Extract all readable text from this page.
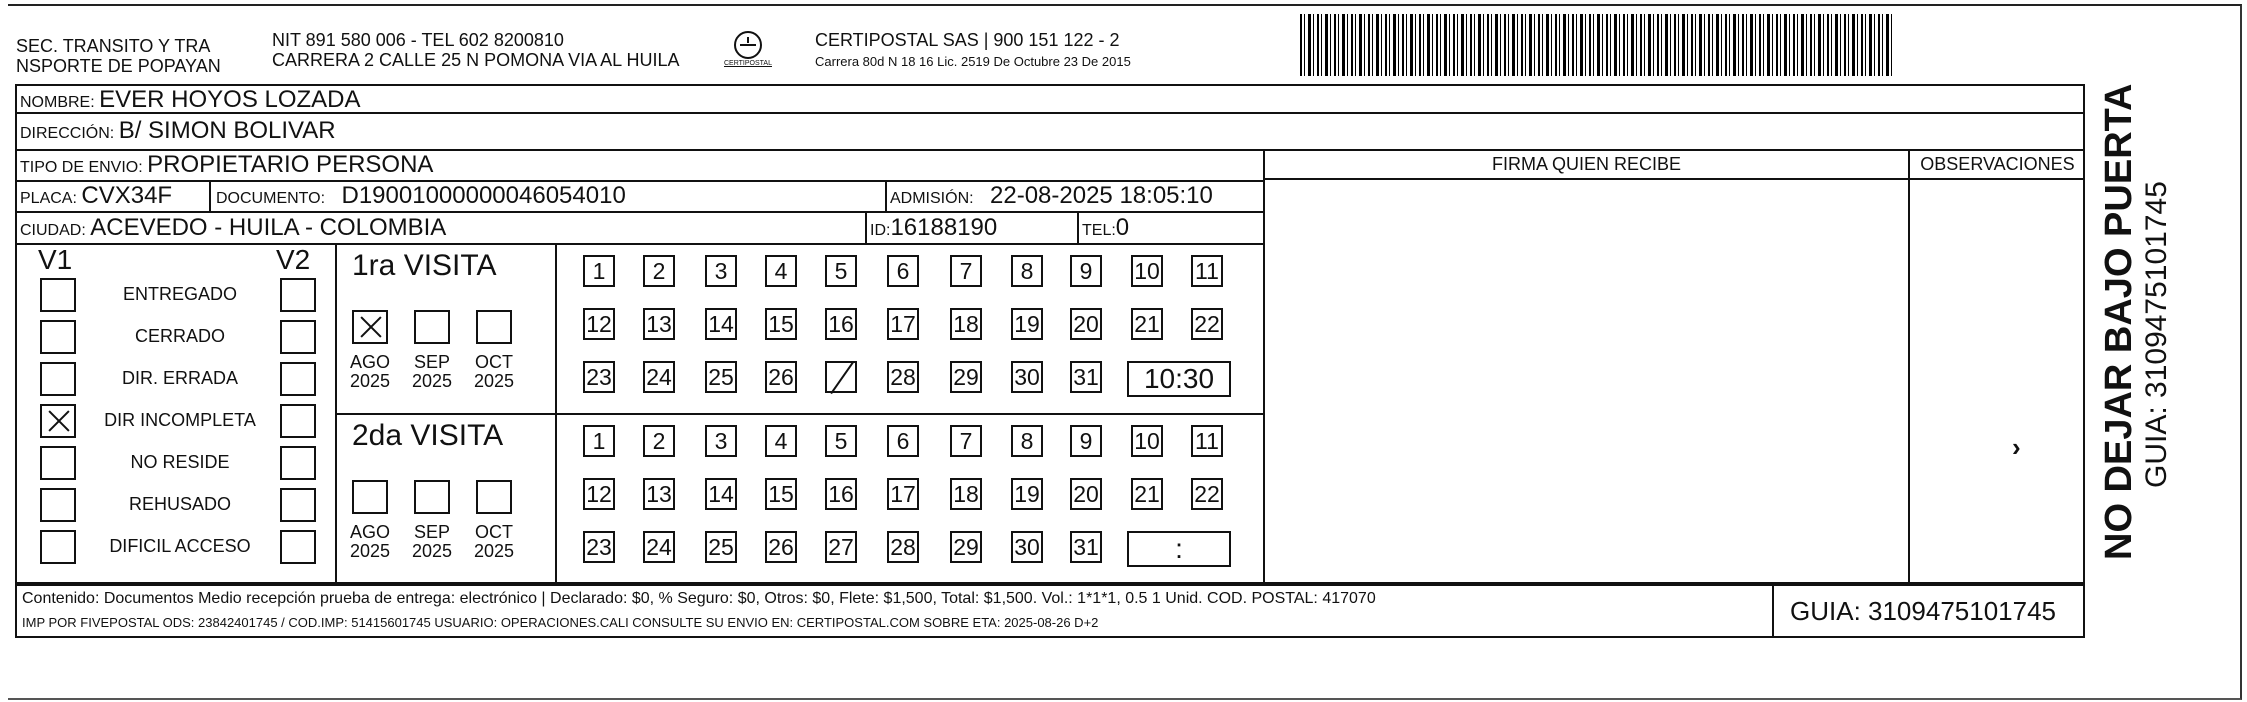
SEC. TRANSITO Y TRA
NSPORTE DE POPAYAN
NIT 891 580 006 - TEL 602 8200810
CARRERA 2 CALLE 25 N POMONA VIA AL HUILA	CERTIPOSTAL
CERTIPOSTAL SAS | 900 151 122 - 2
Carrera 80d N 18 16 Lic. 2519 De Octubre 23 De 2015
NOMBRE: EVER HOYOS LOZADA
DIRECCIÓN: B/ SIMON BOLIVAR
TIPO DE ENVIO: PROPIETARIO PERSONA
PLACA: CVX34F	DOCUMENTO: D19001000000046054010	ADMISIÓN: 22-08-2025 18:05:10
CIUDAD: ACEVEDO - HUILA - COLOMBIA	ID:16188190	TEL:0
FIRMA QUIEN RECIBE	OBSERVACIONES
›
V1	V2
ENTREGADO
CERRADO
DIR. ERRADA
DIR INCOMPLETA
NO RESIDE
REHUSADO
DIFICIL ACCESO
1ra VISITA
AGO
2025
SEP
2025
OCT
2025
1	2	3	4	5	6	7	8	9	10 11
12 13 14 15 16 17 18 19 20 21 22
23 24 25 26	28 29 30 31	10:30
2da VISITA
AGO
2025
SEP
2025
OCT
2025
1	2	3	4	5	6	7	8	9	10 11
12 13 14 15 16 17 18 19 20 21 22
23 24 25 26 27 28 29 30 31	:
Contenido: Documentos Medio recepción prueba de entrega: electrónico | Declarado: $0, % Seguro: $0, Otros: $0, Flete: $1,500, Total: $1,500. Vol.: 1*1*1, 0.5 1 Unid. COD. POSTAL: 417070
IMP POR FIVEPOSTAL ODS: 23842401745 / COD.IMP: 51415601745 USUARIO: OPERACIONES.CALI CONSULTE SU ENVIO EN: CERTIPOSTAL.COM SOBRE ETA: 2025-08-26 D+2	GUIA: 3109475101745
NO DEJAR BAJO PUERTA GUIA: 3109475101745
